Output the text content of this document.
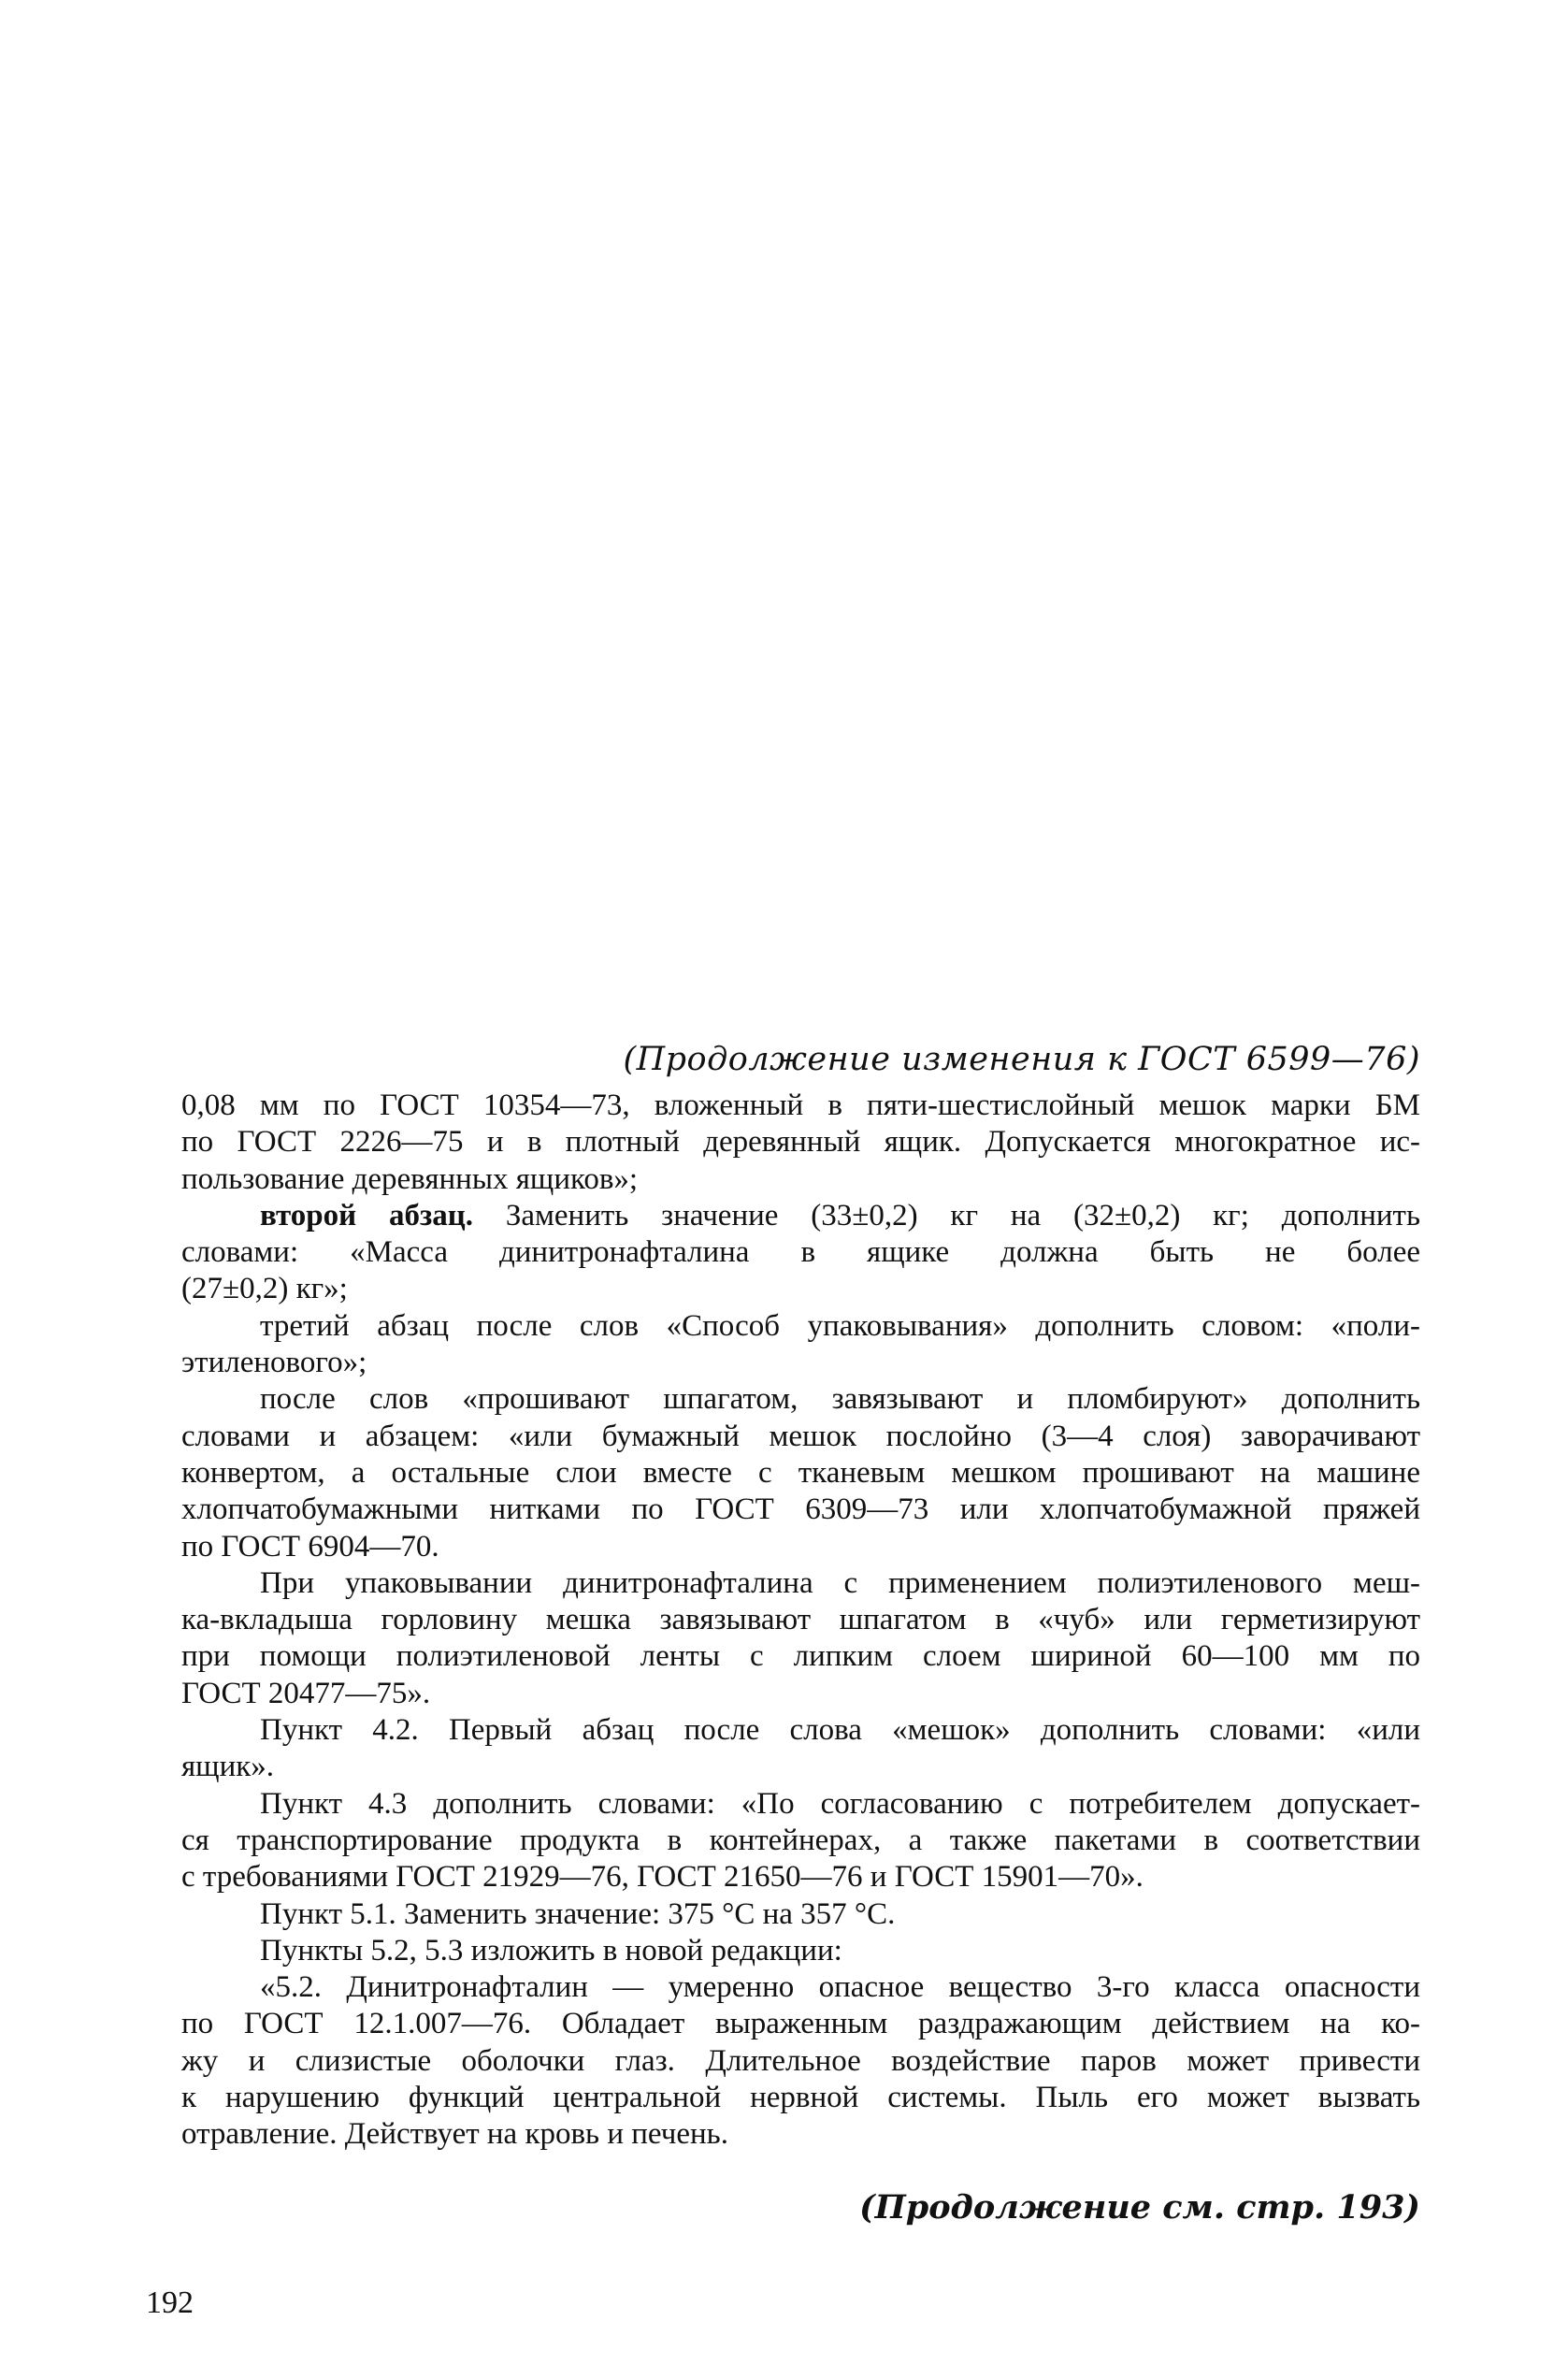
(Продолжение изменения к ГОСТ 6599—76)

0,08 мм по ГОСТ 10354—73, вложенный в пяти-шестислойный мешок марки БМ

по ГОСТ 2226—75 и в плотный деревянный ящик. Допускается многократное ис-

пользование деревянных ящиков»;

второй абзац. Заменить значение (33±0,2) кг на (32±0,2) кг; дополнить

словами: «Масса динитронафталина в ящике должна быть не более

(27±0,2) кг»;

третий абзац после слов «Способ упаковывания» дополнить словом: «поли-

этиленового»;

после слов «прошивают шпагатом, завязывают и пломбируют» дополнить

словами и абзацем: «или бумажный мешок послойно (3—4 слоя) заворачивают

конвертом, а остальные слои вместе с тканевым мешком прошивают на машине

хлопчатобумажными нитками по ГОСТ 6309—73 или хлопчатобумажной пряжей

по ГОСТ 6904—70.

При упаковывании динитронафталина с применением полиэтиленового меш-

ка-вкладыша горловину мешка завязывают шпагатом в «чуб» или герметизируют

при помощи полиэтиленовой ленты с липким слоем шириной 60—100 мм по

ГОСТ 20477—75».

Пункт 4.2. Первый абзац после слова «мешок» дополнить словами: «или

ящик».

Пункт 4.3 дополнить словами: «По согласованию с потребителем допускает-

ся транспортирование продукта в контейнерах, а также пакетами в соответствии

с требованиями ГОСТ 21929—76, ГОСТ 21650—76 и ГОСТ 15901—70».

Пункт 5.1. Заменить значение: 375 °С на 357 °С.

Пункты 5.2, 5.3 изложить в новой редакции:

«5.2. Динитронафталин — умеренно опасное вещество 3-го класса опасности

по ГОСТ 12.1.007—76. Обладает выраженным раздражающим действием на ко-

жу и слизистые оболочки глаз. Длительное воздействие паров может привести

к нарушению функций центральной нервной системы. Пыль его может вызвать

отравление. Действует на кровь и печень.

(Продолжение см. стр. 193)
192
